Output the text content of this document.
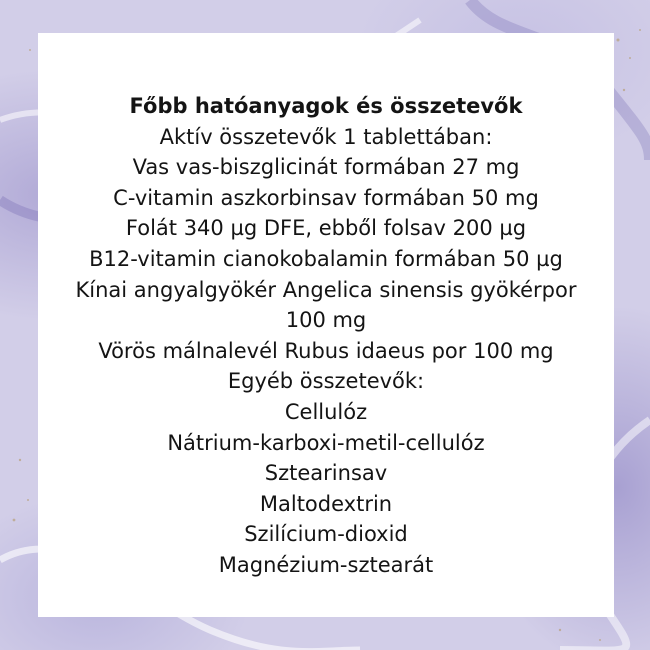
Főbb hatóanyagok és összetevők
Aktív összetevők 1 tablettában:
Vas vas-biszglicinát formában 27 mg
C-vitamin aszkorbinsav formában 50 mg
Folát 340 µg DFE, ebből folsav 200 µg
B12-vitamin cianokobalamin formában 50 µg
Kínai angyalgyökér Angelica sinensis gyökérpor 100 mg
Vörös málnalevél Rubus idaeus por 100 mg
Egyéb összetevők:
Cellulóz
Nátrium-karboxi-metil-cellulóz
Sztearinsav
Maltodextrin
Szilícium-dioxid
Magnézium-sztearát
